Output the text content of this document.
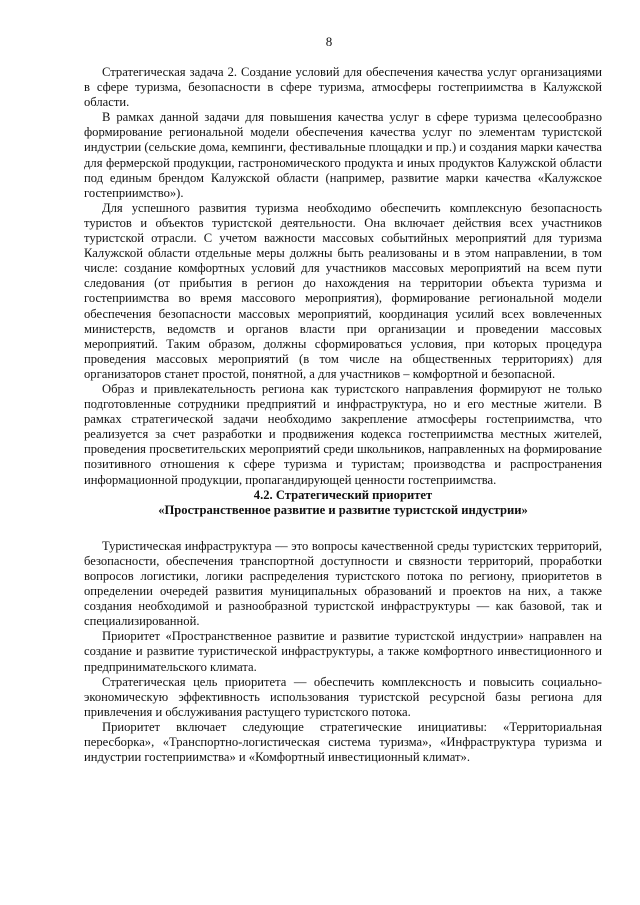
8

Стратегическая задача 2. Создание условий для обеспечения качества услуг организациями в сфере туризма, безопасности в сфере туризма, атмосферы гостеприимства в Калужской области.

В рамках данной задачи для повышения качества услуг в сфере туризма целесообразно формирование региональной модели обеспечения качества услуг по элементам туристской индустрии (сельские дома, кемпинги, фестивальные площадки и пр.) и создания марки качества для фермерской продукции, гастрономического продукта и иных продуктов Калужской области под единым брендом Калужской области (например, развитие марки качества «Калужское гостеприимство»).

Для успешного развития туризма необходимо обеспечить комплексную безопасность туристов и объектов туристской деятельности. Она включает действия всех участников туристской отрасли. С учетом важности массовых событийных мероприятий для туризма Калужской области отдельные меры должны быть реализованы и в этом направлении, в том числе: создание комфортных условий для участников массовых мероприятий на всем пути следования (от прибытия в регион до нахождения на территории объекта туризма и гостеприимства во время массового мероприятия), формирование региональной модели обеспечения безопасности массовых мероприятий, координация усилий всех вовлеченных министерств, ведомств и органов власти при организации и проведении массовых мероприятий. Таким образом, должны сформироваться условия, при которых процедура проведения массовых мероприятий (в том числе на общественных территориях) для организаторов станет простой, понятной, а для участников – комфортной и безопасной.

Образ и привлекательность региона как туристского направления формируют не только подготовленные сотрудники предприятий и инфраструктура, но и его местные жители. В рамках стратегической задачи необходимо закрепление атмосферы гостеприимства, что реализуется за счет разработки и продвижения кодекса гостеприимства местных жителей, проведения просветительских мероприятий среди школьников, направленных на формирование позитивного отношения к сфере туризма и туристам; производства и распространения информационной продукции, пропагандирующей ценности гостеприимства.

4.2. Стратегический приоритет

«Пространственное развитие и развитие туристской индустрии»

Туристическая инфраструктура –– это вопросы качественной среды туристских территорий, безопасности, обеспечения транспортной доступности и связности территорий, проработки вопросов логистики, логики распределения туристского потока по региону, приоритетов в определении очередей развития муниципальных образований и проектов на них, а также создания необходимой и разнообразной туристской инфраструктуры — как базовой, так и специализированной.

Приоритет «Пространственное развитие и развитие туристской индустрии» направлен на создание и развитие туристической инфраструктуры, а также комфортного инвестиционного и предпринимательского климата.

Стратегическая цель приоритета — обеспечить комплексность и повысить социально-экономическую эффективность использования туристской ресурсной базы региона для привлечения и обслуживания растущего туристского потока.

Приоритет включает следующие стратегические инициативы: «Территориальная пересборка», «Транспортно-логистическая система туризма», «Инфраструктура туризма и индустрии гостеприимства» и «Комфортный инвестиционный климат».
